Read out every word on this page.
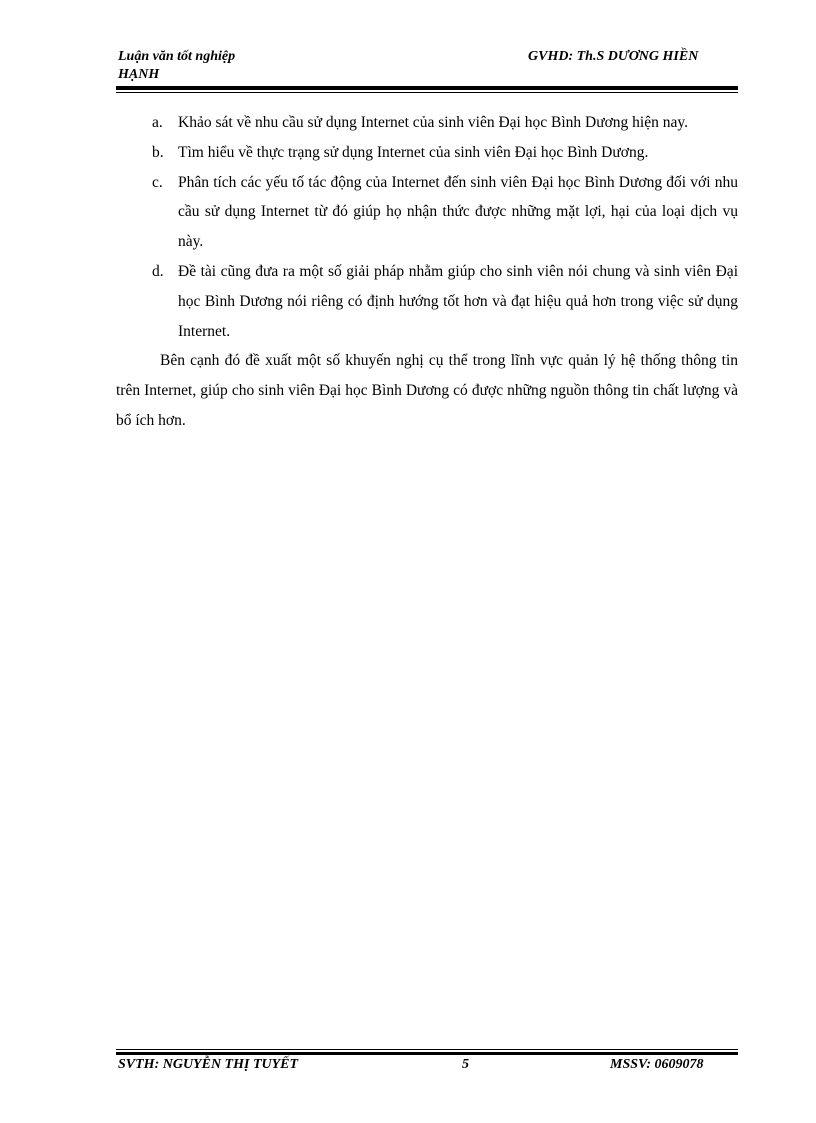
Luận văn tốt nghiệp	GVHD: Th.S DƯƠNG HIỀN
HẠNH
a. Khảo sát về nhu cầu sử dụng Internet của sinh viên Đại học Bình Dương hiện nay.
b. Tìm hiểu về thực trạng sử dụng Internet của sinh viên Đại học Bình Dương.
c. Phân tích các yếu tố tác động của Internet đến sinh viên Đại học Bình Dương đối với nhu cầu sử dụng Internet từ đó giúp họ nhận thức được những mặt lợi, hại của loại dịch vụ này.
d. Đề tài cũng đưa ra một số giải pháp nhằm giúp cho sinh viên nói chung và sinh viên Đại học Bình Dương nói riêng có định hướng tốt hơn và đạt hiệu quả hơn trong việc sử dụng Internet.

Bên cạnh đó đề xuất một số khuyến nghị cụ thể trong lĩnh vực quản lý hệ thống thông tin trên Internet, giúp cho sinh viên Đại học Bình Dương có được những nguồn thông tin chất lượng và bổ ích hơn.

SVTH: NGUYỄN THỊ TUYẾT	5	MSSV: 0609078
